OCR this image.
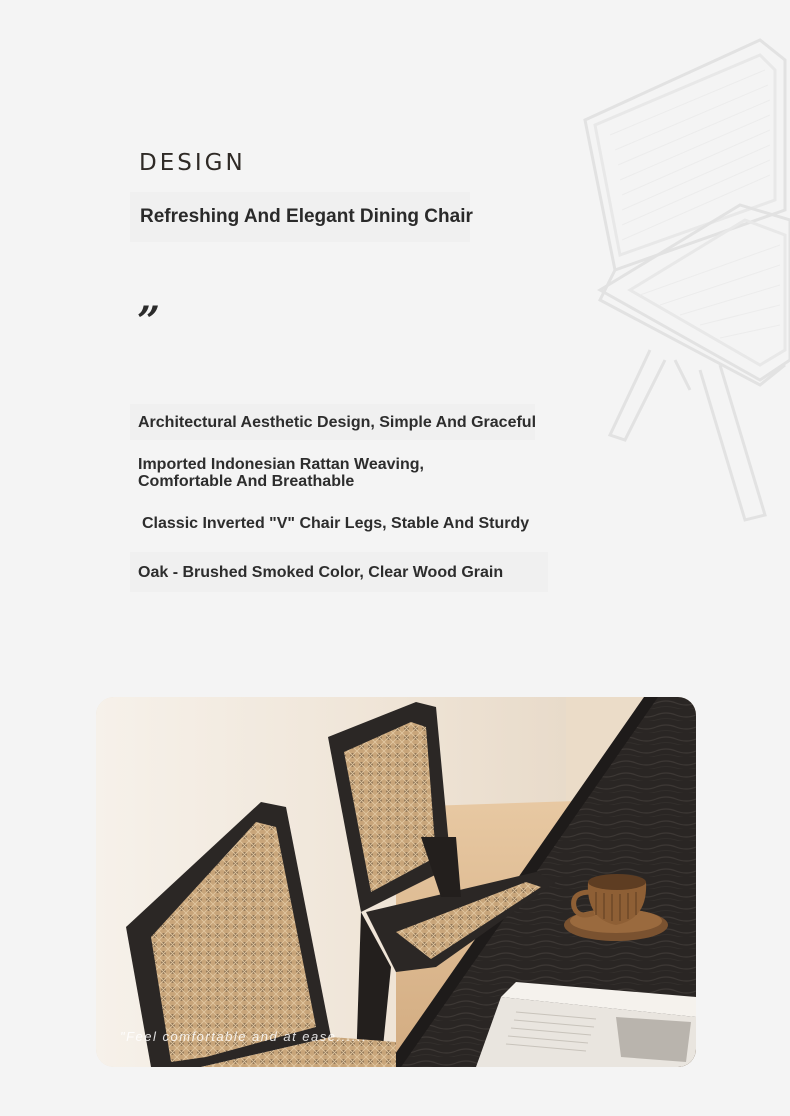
DESIGN
Refreshing And Elegant Dining Chair
”
Architectural Aesthetic Design, Simple And Graceful
Imported Indonesian Rattan Weaving,
Comfortable And Breathable
Classic Inverted "V" Chair Legs, Stable And Sturdy
Oak - Brushed Smoked Color, Clear Wood Grain
"Feel comfortable and at ease......
